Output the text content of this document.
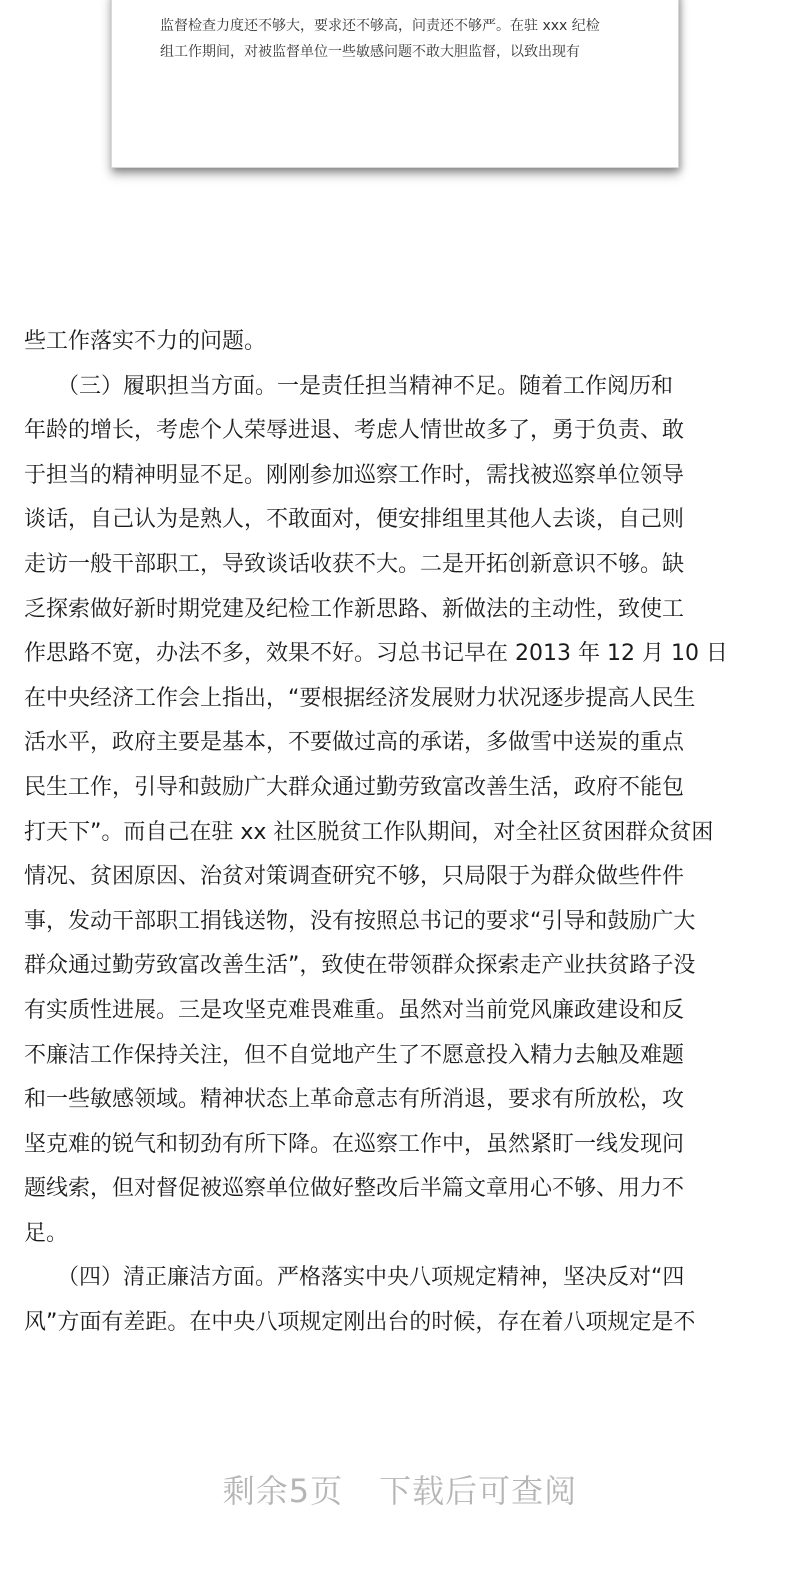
监督检查力度还不够大，要求还不够高，问责还不够严。在驻 xxx 纪检

组工作期间，对被监督单位一些敏感问题不敢大胆监督，以致出现有

些工作落实不力的问题。

　　（三）履职担当方面。一是责任担当精神不足。随着工作阅历和

年龄的增长，考虑个人荣辱进退、考虑人情世故多了，勇于负责、敢

于担当的精神明显不足。刚刚参加巡察工作时，需找被巡察单位领导

谈话，自己认为是熟人，不敢面对，便安排组里其他人去谈，自己则

走访一般干部职工，导致谈话收获不大。二是开拓创新意识不够。缺

乏探索做好新时期党建及纪检工作新思路、新做法的主动性，致使工

作思路不宽，办法不多，效果不好。习总书记早在 2013 年 12 月 10 日

在中央经济工作会上指出，“要根据经济发展财力状况逐步提高人民生

活水平，政府主要是基本，不要做过高的承诺，多做雪中送炭的重点

民生工作，引导和鼓励广大群众通过勤劳致富改善生活，政府不能包

打天下”。而自己在驻 xx 社区脱贫工作队期间，对全社区贫困群众贫困

情况、贫困原因、治贫对策调查研究不够，只局限于为群众做些件件

事，发动干部职工捐钱送物，没有按照总书记的要求“引导和鼓励广大

群众通过勤劳致富改善生活”，致使在带领群众探索走产业扶贫路子没

有实质性进展。三是攻坚克难畏难重。虽然对当前党风廉政建设和反

不廉洁工作保持关注，但不自觉地产生了不愿意投入精力去触及难题

和一些敏感领域。精神状态上革命意志有所消退，要求有所放松，攻

坚克难的锐气和韧劲有所下降。在巡察工作中，虽然紧盯一线发现问

题线索，但对督促被巡察单位做好整改后半篇文章用心不够、用力不

足。

　　（四）清正廉洁方面。严格落实中央八项规定精神，坚决反对“四

风”方面有差距。在中央八项规定刚出台的时候，存在着八项规定是不

剩余5页 下载后可查阅
